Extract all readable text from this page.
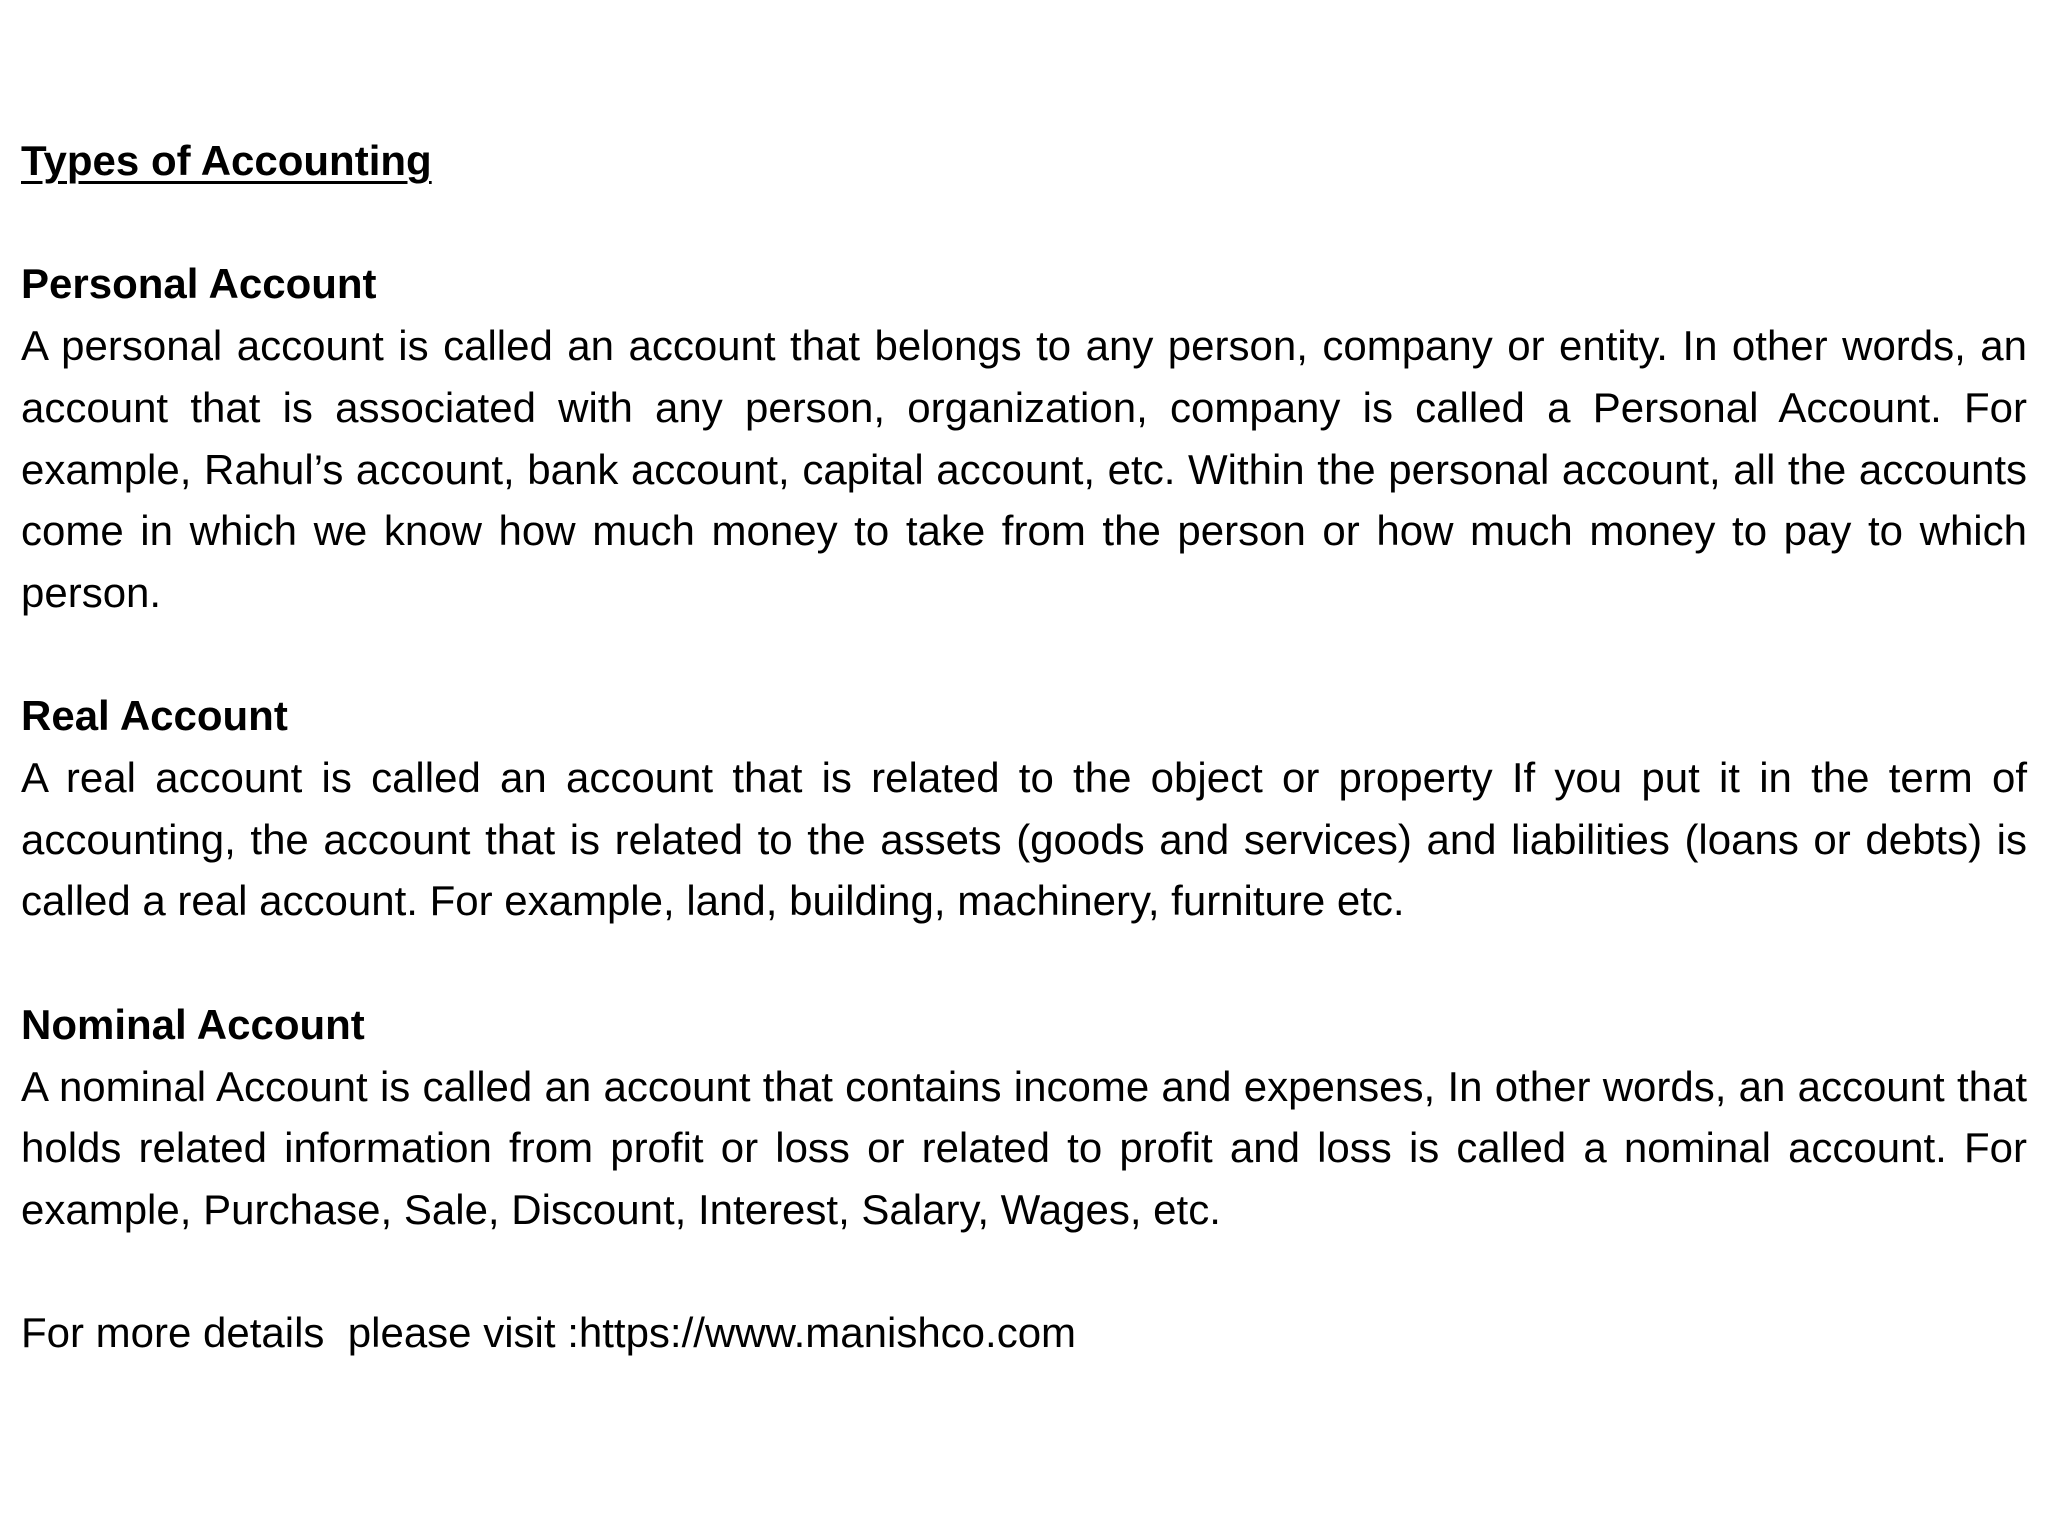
Types of Accounting
Personal Account

A personal account is called an account that belongs to any person, company or entity. In other words, an account that is associated with any person, organization, company is called a Personal Account. For example, Rahul’s account, bank account, capital account, etc. Within the personal account, all the accounts come in which we know how much money to take from the person or how much money to pay to which person.

Real Account

A real account is called an account that is related to the object or property If you put it in the term of accounting, the account that is related to the assets (goods and services) and liabilities (loans or debts) is called a real account. For example, land, building, machinery, furniture etc.

Nominal Account

A nominal Account is called an account that contains income and expenses, In other words, an account that holds related information from profit or loss or related to profit and loss is called a nominal account. For example, Purchase, Sale, Discount, Interest, Salary, Wages, etc.

For more details  please visit :https://www.manishco.com
